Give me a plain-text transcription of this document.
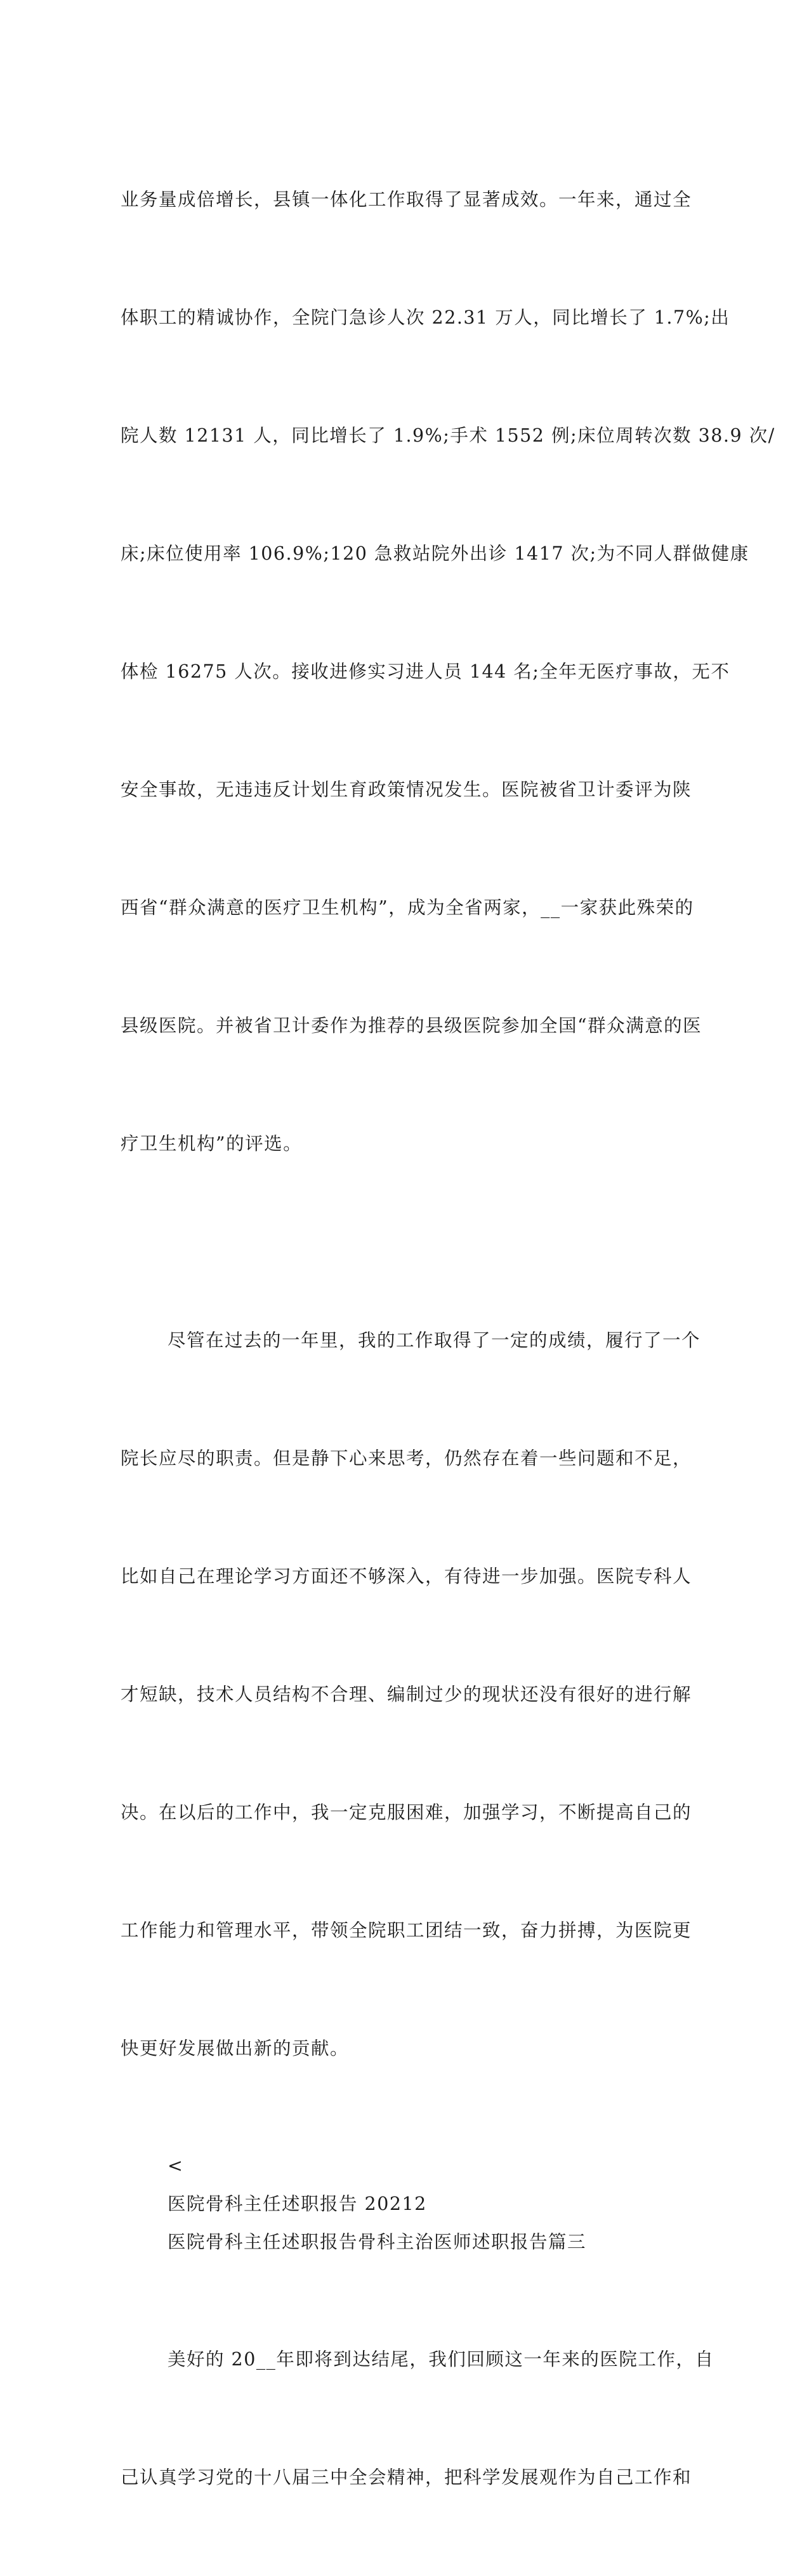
业务量成倍增长，县镇一体化工作取得了显著成效。一年来，通过全

体职工的精诚协作，全院门急诊人次 22.31 万人，同比增长了 1.7%;出

院人数 12131 人，同比增长了 1.9%;手术 1552 例;床位周转次数 38.9 次/

床;床位使用率 106.9%;120 急救站院外出诊 1417 次;为不同人群做健康

体检 16275 人次。接收进修实习进人员 144 名;全年无医疗事故，无不

安全事故，无违违反计划生育政策情况发生。医院被省卫计委评为陕

西省“群众满意的医疗卫生机构”，成为全省两家，__一家获此殊荣的

县级医院。并被省卫计委作为推荐的县级医院参加全国“群众满意的医

疗卫生机构”的评选。

尽管在过去的一年里，我的工作取得了一定的成绩，履行了一个

院长应尽的职责。但是静下心来思考，仍然存在着一些问题和不足，

比如自己在理论学习方面还不够深入，有待进一步加强。医院专科人

才短缺，技术人员结构不合理、编制过少的现状还没有很好的进行解

决。在以后的工作中，我一定克服困难，加强学习，不断提高自己的

工作能力和管理水平，带领全院职工团结一致，奋力拼搏，为医院更

快更好发展做出新的贡献。

<

医院骨科主任述职报告 20212

医院骨科主任述职报告骨科主治医师述职报告篇三

美好的 20__年即将到达结尾，我们回顾这一年来的医院工作，自

己认真学习党的十八届三中全会精神，把科学发展观作为自己工作和
